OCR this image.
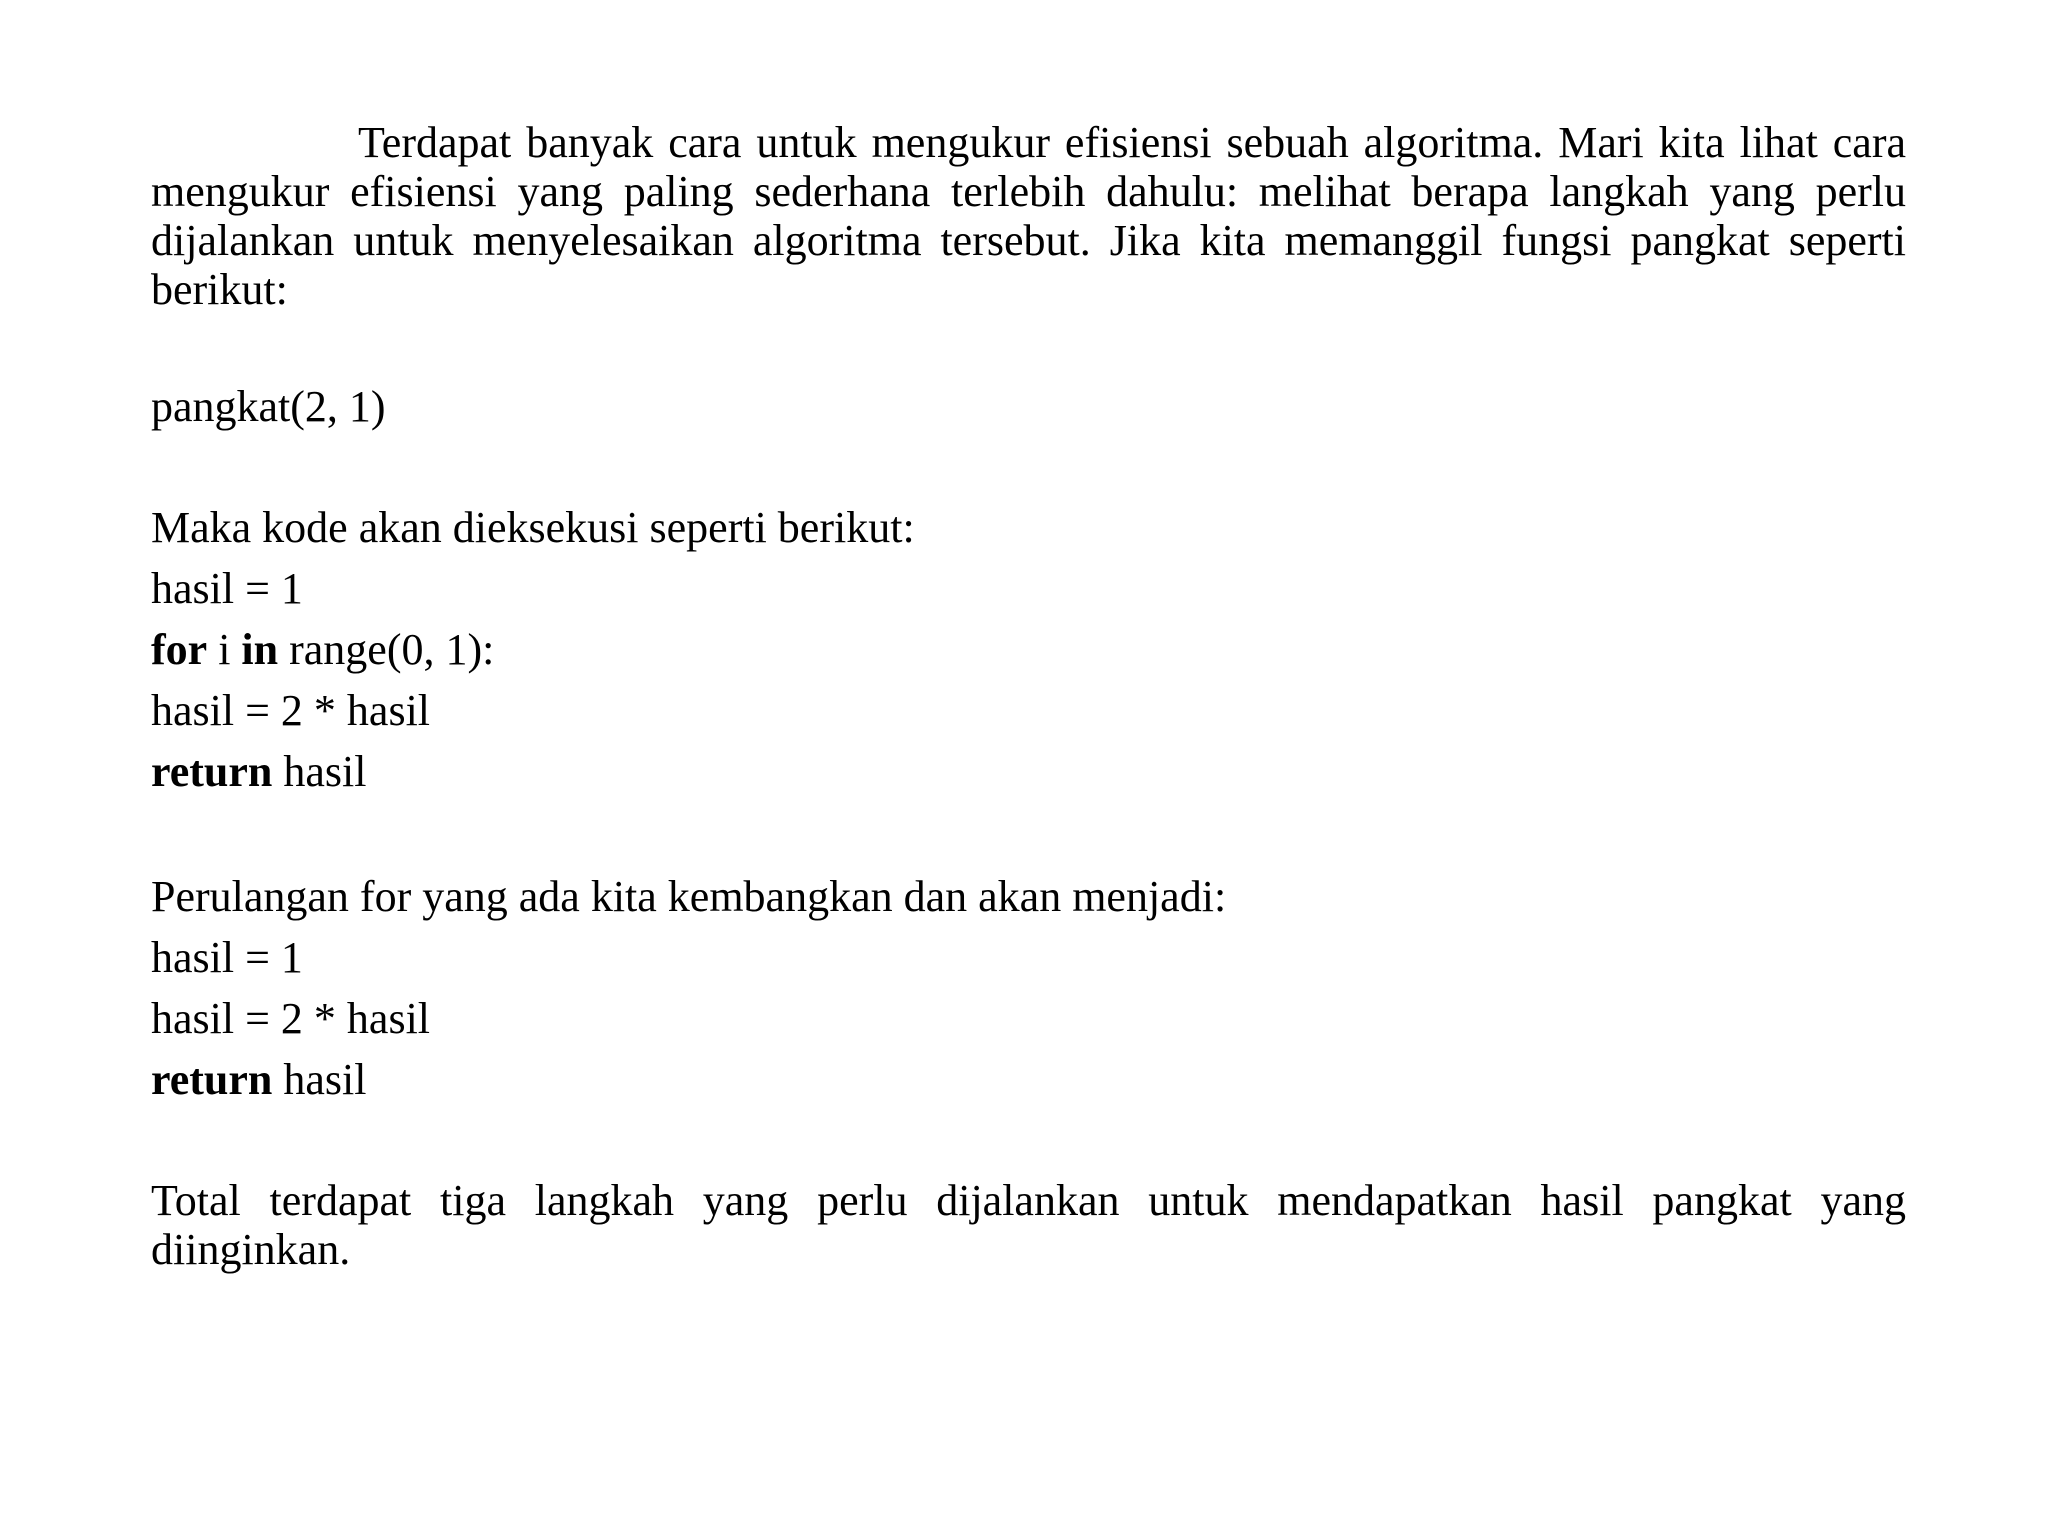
Terdapat banyak cara untuk mengukur efisiensi sebuah algoritma. Mari kita lihat cara mengukur efisiensi yang paling sederhana terlebih dahulu: melihat berapa langkah yang perlu dijalankan untuk menyelesaikan algoritma tersebut. Jika kita memanggil fungsi pangkat seperti berikut:

pangkat(2, 1)

Maka kode akan dieksekusi seperti berikut:

hasil = 1

for i in range(0, 1):

hasil = 2 * hasil

return hasil

Perulangan for yang ada kita kembangkan dan akan menjadi:

hasil = 1

hasil = 2 * hasil

return hasil

Total terdapat tiga langkah yang perlu dijalankan untuk mendapatkan hasil pangkat yang diinginkan.
